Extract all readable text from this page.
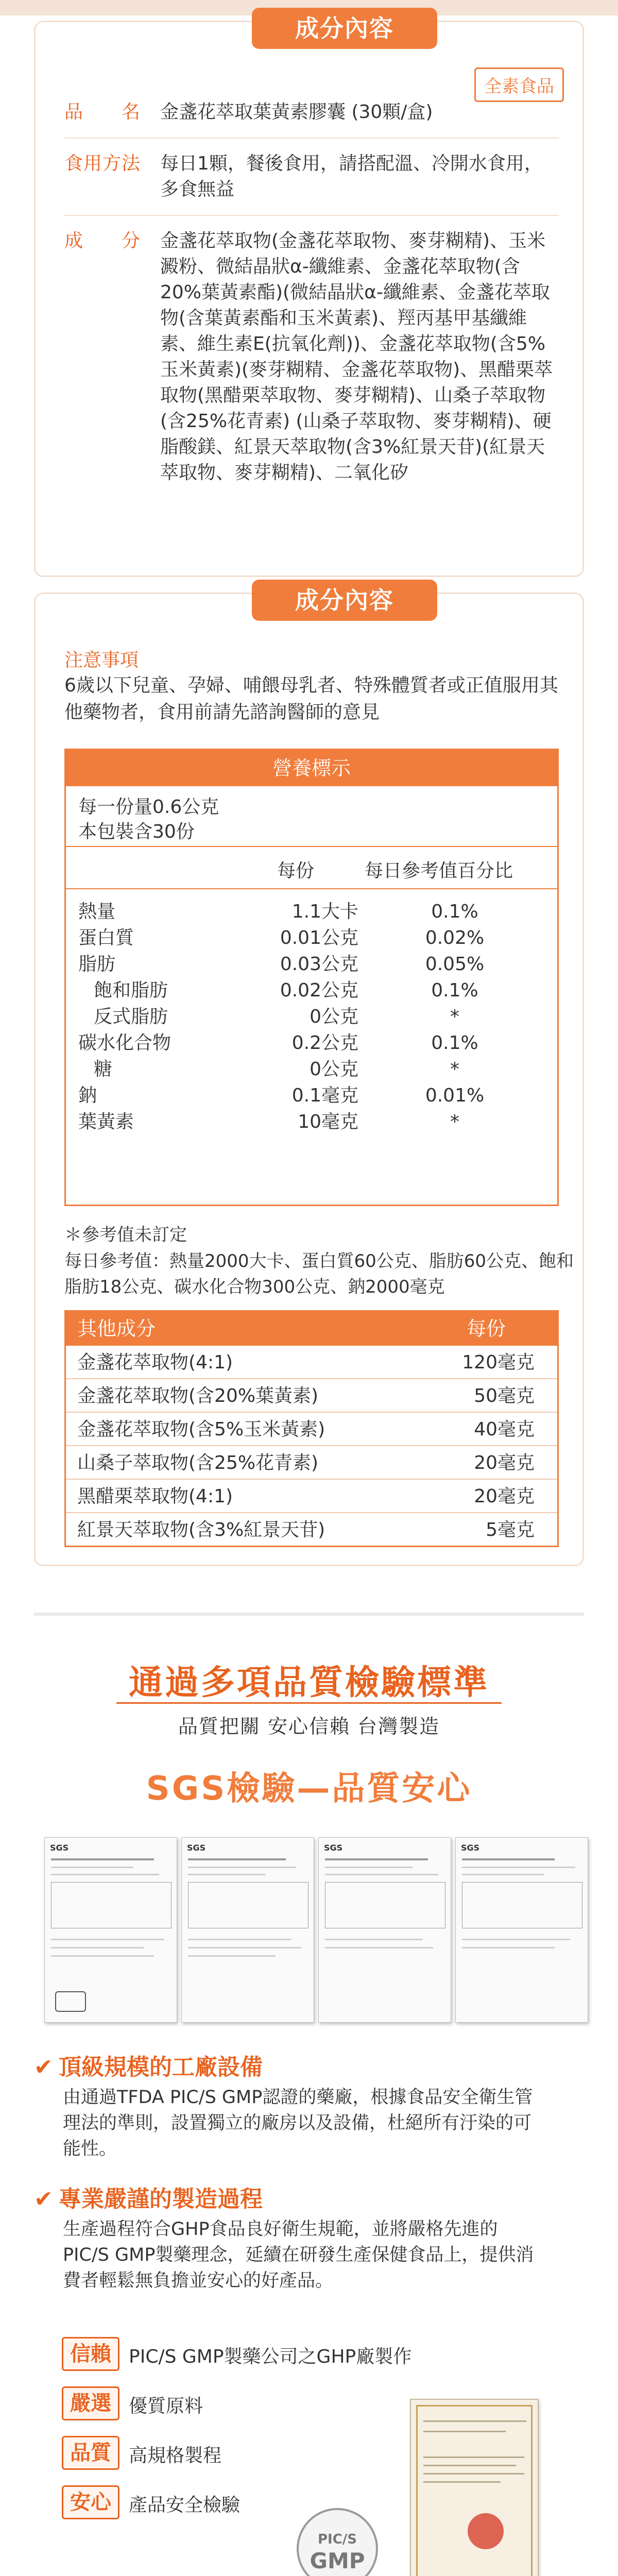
成分內容
全素食品
品　　名	金盞花萃取葉黃素膠囊 (30顆/盒)
食用方法	每日1顆，餐後食用，請搭配溫、冷開水食用，多食無益
成　　分	金盞花萃取物(金盞花萃取物、麥芽糊精)、玉米澱粉、微結晶狀α-纖維素、金盞花萃取物(含20%葉黃素酯)(微結晶狀α-纖維素、金盞花萃取物(含葉黃素酯和玉米黃素)、羥丙基甲基纖維素、維生素E(抗氧化劑))、金盞花萃取物(含5%玉米黃素)(麥芽糊精、金盞花萃取物)、黑醋栗萃取物(黑醋栗萃取物、麥芽糊精)、山桑子萃取物(含25%花青素) (山桑子萃取物、麥芽糊精)、硬脂酸鎂、紅景天萃取物(含3%紅景天苷)(紅景天萃取物、麥芽糊精)、二氧化矽
成分內容
注意事項
6歲以下兒童、孕婦、哺餵母乳者、特殊體質者或正值服用其他藥物者，食用前請先諮詢醫師的意見
營養標示
每一份量0.6公克
本包裝含30份
每份	每日參考值百分比
熱量	1.1大卡	0.1%
蛋白質	0.01公克	0.02%
脂肪	0.03公克	0.05%
飽和脂肪	0.02公克	0.1%
反式脂肪	0公克	*
碳水化合物	0.2公克	0.1%
糖	0公克	*
鈉	0.1毫克	0.01%
葉黃素	10毫克	*
＊參考值未訂定
每日參考值：熱量2000大卡、蛋白質60公克、脂肪60公克、飽和脂肪18公克、碳水化合物300公克、鈉2000毫克
其他成分	每份
金盞花萃取物(4:1)	120毫克
金盞花萃取物(含20%葉黃素)	50毫克
金盞花萃取物(含5%玉米黃素)	40毫克
山桑子萃取物(含25%花青素)	20毫克
黑醋栗萃取物(4:1)	20毫克
紅景天萃取物(含3%紅景天苷)	5毫克
通過多項品質檢驗標準
品質把關 安心信賴 台灣製造
SGS檢驗—品質安心
SGS	SGS	SGS	SGS
✔ 頂級規模的工廠設備
由通過TFDA PIC/S GMP認證的藥廠，根據食品安全衛生管理法的準則，設置獨立的廠房以及設備，杜絕所有汙染的可能性。
✔ 專業嚴謹的製造過程
生產過程符合GHP食品良好衛生規範，並將嚴格先進的PIC/S GMP製藥理念，延續在研發生產保健食品上，提供消費者輕鬆無負擔並安心的好產品。
信賴 PIC/S GMP製藥公司之GHP廠製作
嚴選 優質原料
品質 高規格製程
安心 產品安全檢驗
PIC/S
GMP
